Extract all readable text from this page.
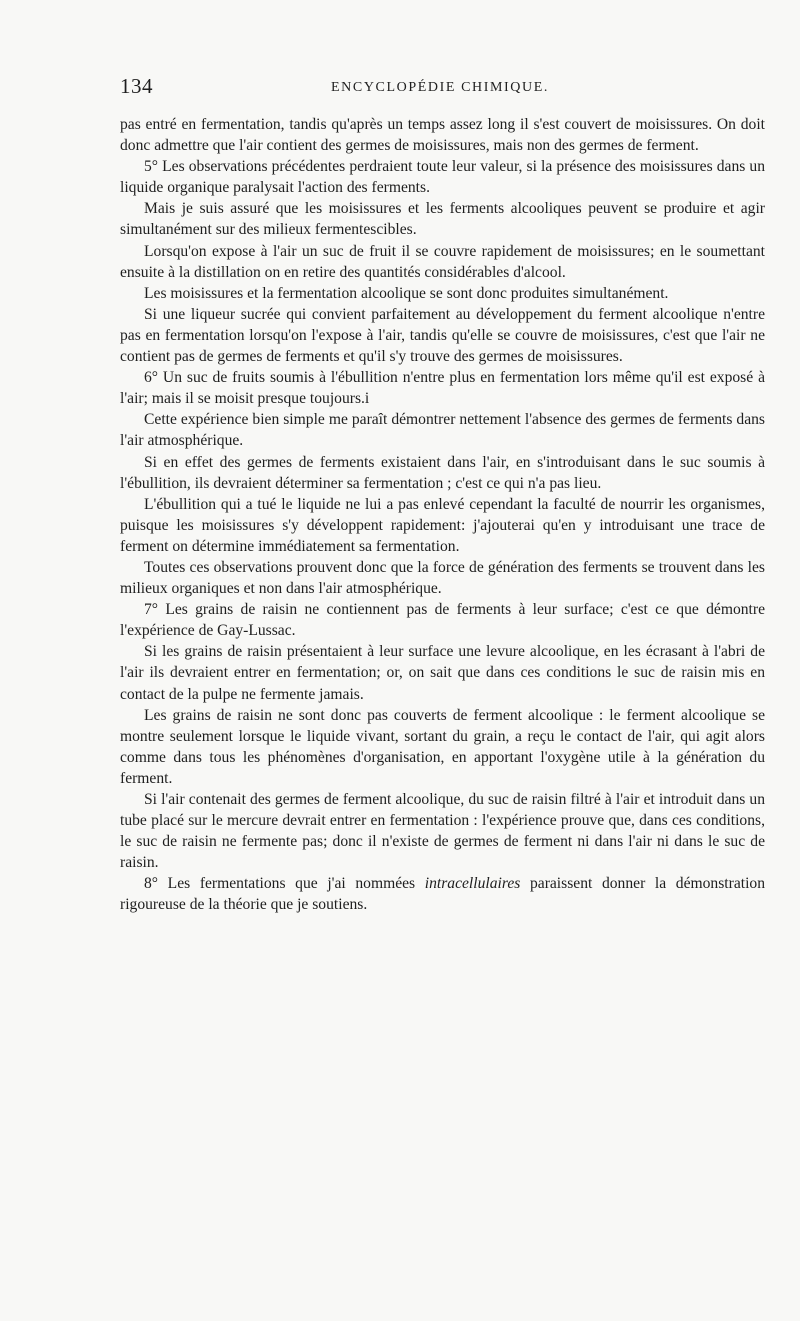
134	ENCYCLOPÉDIE CHIMIQUE.

pas entré en fermentation, tandis qu'après un temps assez long il s'est couvert de moisissures. On doit donc admettre que l'air contient des germes de moisissures, mais non des germes de ferment.

5° Les observations précédentes perdraient toute leur valeur, si la présence des moisissures dans un liquide organique paralysait l'action des ferments.

Mais je suis assuré que les moisissures et les ferments alcooliques peuvent se produire et agir simultanément sur des milieux fermentescibles.

Lorsqu'on expose à l'air un suc de fruit il se couvre rapidement de moisissures; en le soumettant ensuite à la distillation on en retire des quantités considérables d'alcool.

Les moisissures et la fermentation alcoolique se sont donc produites simultanément.

Si une liqueur sucrée qui convient parfaitement au développement du ferment alcoolique n'entre pas en fermentation lorsqu'on l'expose à l'air, tandis qu'elle se couvre de moisissures, c'est que l'air ne contient pas de germes de ferments et qu'il s'y trouve des germes de moisissures.

6° Un suc de fruits soumis à l'ébullition n'entre plus en fermentation lors même qu'il est exposé à l'air; mais il se moisit presque toujours.i

Cette expérience bien simple me paraît démontrer nettement l'absence des germes de ferments dans l'air atmosphérique.

Si en effet des germes de ferments existaient dans l'air, en s'introduisant dans le suc soumis à l'ébullition, ils devraient déterminer sa fermentation ; c'est ce qui n'a pas lieu.

L'ébullition qui a tué le liquide ne lui a pas enlevé cependant la faculté de nourrir les organismes, puisque les moisissures s'y développent rapidement: j'ajouterai qu'en y introduisant une trace de ferment on détermine immédiatement sa fermentation.

Toutes ces observations prouvent donc que la force de génération des ferments se trouvent dans les milieux organiques et non dans l'air atmosphérique.

7° Les grains de raisin ne contiennent pas de ferments à leur surface; c'est ce que démontre l'expérience de Gay-Lussac.

Si les grains de raisin présentaient à leur surface une levure alcoolique, en les écrasant à l'abri de l'air ils devraient entrer en fermentation; or, on sait que dans ces conditions le suc de raisin mis en contact de la pulpe ne fermente jamais.

Les grains de raisin ne sont donc pas couverts de ferment alcoolique : le ferment alcoolique se montre seulement lorsque le liquide vivant, sortant du grain, a reçu le contact de l'air, qui agit alors comme dans tous les phénomènes d'organisation, en apportant l'oxygène utile à la génération du ferment.

Si l'air contenait des germes de ferment alcoolique, du suc de raisin filtré à l'air et introduit dans un tube placé sur le mercure devrait entrer en fermentation : l'expérience prouve que, dans ces conditions, le suc de raisin ne fermente pas; donc il n'existe de germes de ferment ni dans l'air ni dans le suc de raisin.

8° Les fermentations que j'ai nommées intracellulaires paraissent donner la démonstration rigoureuse de la théorie que je soutiens.
